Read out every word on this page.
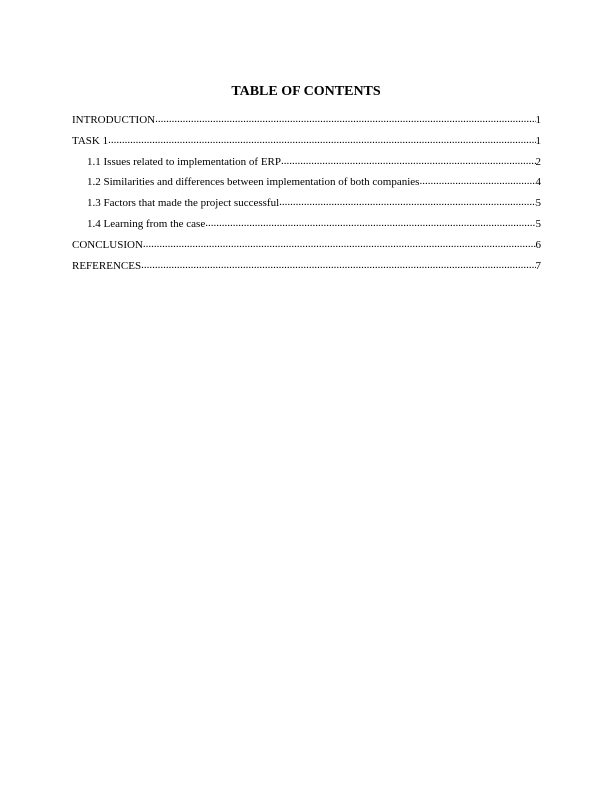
TABLE OF CONTENTS
INTRODUCTION .....	1
TASK 1 .....	1
1.1 Issues related to implementation of ERP .....	2
1.2 Similarities and differences between implementation of both companies .....	4
1.3 Factors that made the project successful .....	5
1.4 Learning from the case .....	5
CONCLUSION .....	6
REFERENCES .....	7
